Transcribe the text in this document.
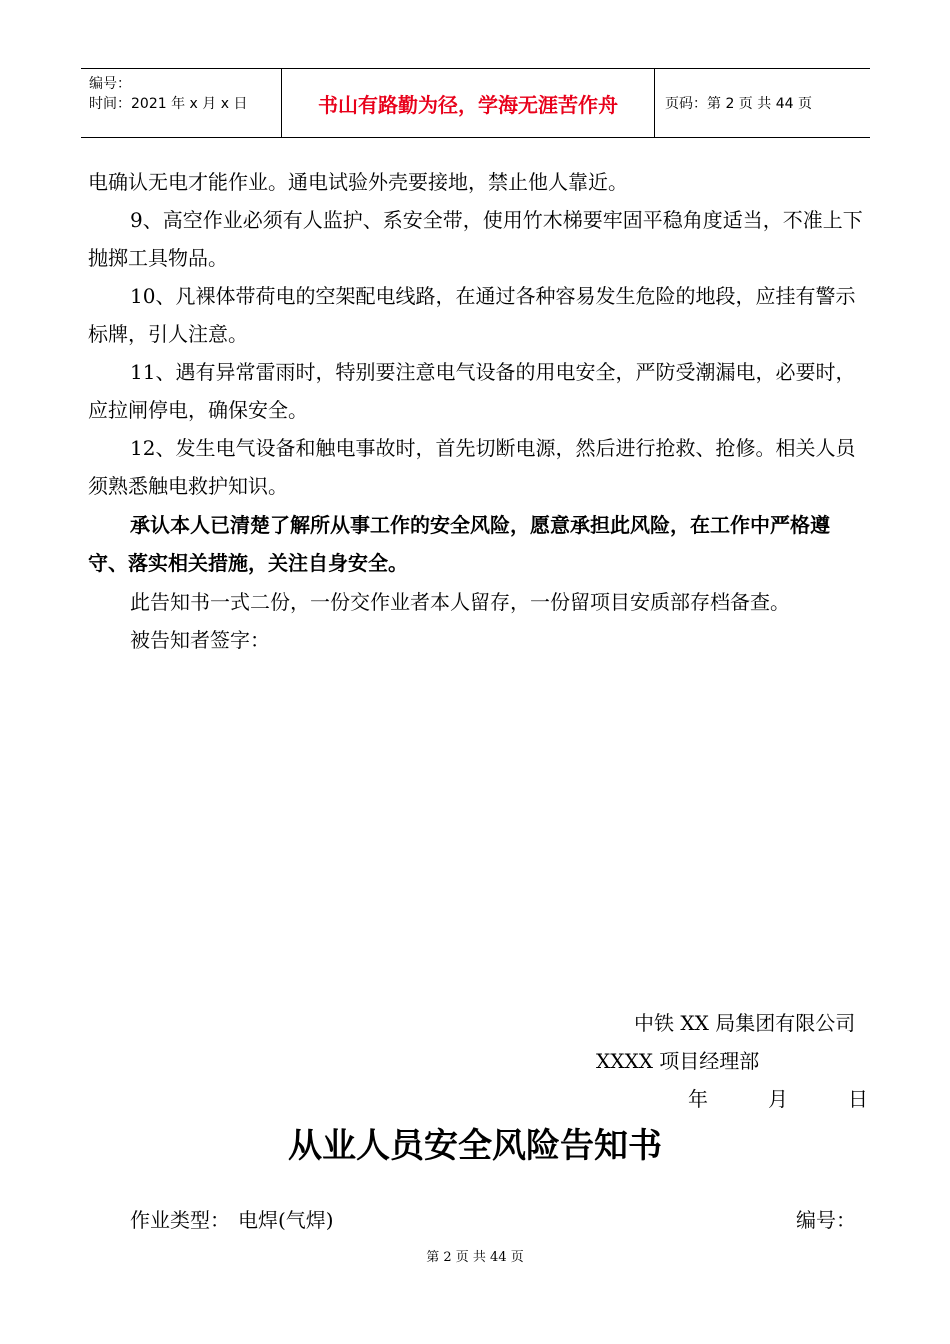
编号：
时间：2021 年 x 月 x 日	书山有路勤为径，学海无涯苦作舟	页码：第 2 页 共 44 页

电确认无电才能作业。通电试验外壳要接地，禁止他人靠近。

9、高空作业必须有人监护、系安全带，使用竹木梯要牢固平稳角度适当，不准上下抛掷工具物品。

10、凡裸体带荷电的空架配电线路，在通过各种容易发生危险的地段，应挂有警示标牌，引人注意。

11、遇有异常雷雨时，特别要注意电气设备的用电安全，严防受潮漏电，必要时，应拉闸停电，确保安全。

12、发生电气设备和触电事故时，首先切断电源，然后进行抢救、抢修。相关人员须熟悉触电救护知识。

承认本人已清楚了解所从事工作的安全风险，愿意承担此风险，在工作中严格遵守、落实相关措施，关注自身安全。

此告知书一式二份，一份交作业者本人留存，一份留项目安质部存档备查。

被告知者签字：

中铁 XX 局集团有限公司
XXXX 项目经理部
年　　　月　　　日
从业人员安全风险告知书
作业类型： 电焊(气焊)	编号：
第 2 页 共 44 页
